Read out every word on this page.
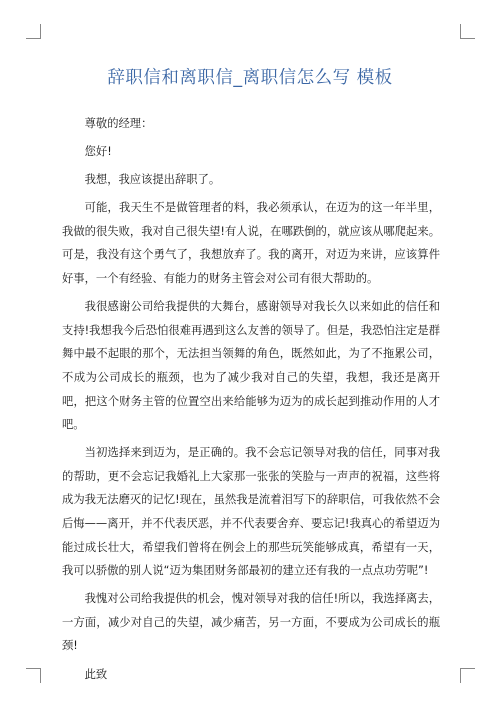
辞职信和离职信_离职信怎么写 模板

尊敬的经理：

您好!

我想，我应该提出辞职了。

可能，我天生不是做管理者的料，我必须承认，在迈为的这一年半里，我做的很失败，我对自己很失望!有人说，在哪跌倒的，就应该从哪爬起来。可是，我没有这个勇气了，我想放弃了。我的离开，对迈为来讲，应该算件好事，一个有经验、有能力的财务主管会对公司有很大帮助的。

我很感谢公司给我提供的大舞台，感谢领导对我长久以来如此的信任和支持!我想我今后恐怕很难再遇到这么友善的领导了。但是，我恐怕注定是群舞中最不起眼的那个，无法担当领舞的角色，既然如此，为了不拖累公司，不成为公司成长的瓶颈，也为了减少我对自己的失望，我想，我还是离开吧，把这个财务主管的位置空出来给能够为迈为的成长起到推动作用的人才吧。

当初选择来到迈为，是正确的。我不会忘记领导对我的信任，同事对我的帮助，更不会忘记我婚礼上大家那一张张的笑脸与一声声的祝福，这些将成为我无法磨灭的记忆!现在，虽然我是流着泪写下的辞职信，可我依然不会后悔——离开，并不代表厌恶，并不代表要舍弃、要忘记!我真心的希望迈为能过成长壮大，希望我们曾将在例会上的那些玩笑能够成真，希望有一天，我可以骄傲的别人说“迈为集团财务部最初的建立还有我的一点点功劳呢”!

我愧对公司给我提供的机会，愧对领导对我的信任!所以，我选择离去，一方面，减少对自己的失望，减少痛苦，另一方面，不要成为公司成长的瓶颈!

此致
